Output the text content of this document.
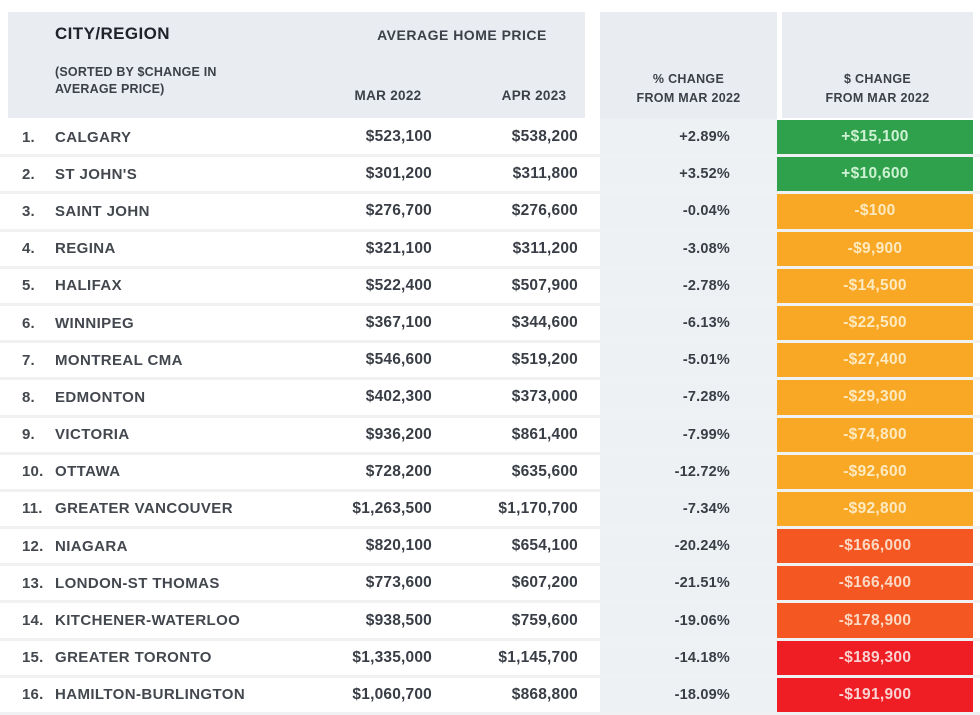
CITY/REGION
(SORTED BY $CHANGE IN AVERAGE PRICE)
AVERAGE HOME PRICE
MAR 2022	APR 2023
% CHANGE
FROM MAR 2022
$ CHANGE
FROM MAR 2022
1.	CALGARY	$523,100	$538,200	+2.89%	+$15,100
2.	ST JOHN'S	$301,200	$311,800	+3.52%	+$10,600
3.	SAINT JOHN	$276,700	$276,600	-0.04%	-$100
4.	REGINA	$321,100	$311,200	-3.08%	-$9,900
5.	HALIFAX	$522,400	$507,900	-2.78%	-$14,500
6.	WINNIPEG	$367,100	$344,600	-6.13%	-$22,500
7.	MONTREAL CMA	$546,600	$519,200	-5.01%	-$27,400
8.	EDMONTON	$402,300	$373,000	-7.28%	-$29,300
9.	VICTORIA	$936,200	$861,400	-7.99%	-$74,800
10. OTTAWA	$728,200	$635,600	-12.72%	-$92,600
11. GREATER VANCOUVER	$1,263,500	$1,170,700	-7.34%	-$92,800
12. NIAGARA	$820,100	$654,100	-20.24%	-$166,000
13. LONDON-ST THOMAS	$773,600	$607,200	-21.51%	-$166,400
14. KITCHENER-WATERLOO	$938,500	$759,600	-19.06%	-$178,900
15. GREATER TORONTO	$1,335,000	$1,145,700	-14.18%	-$189,300
16. HAMILTON-BURLINGTON	$1,060,700	$868,800	-18.09%	-$191,900
